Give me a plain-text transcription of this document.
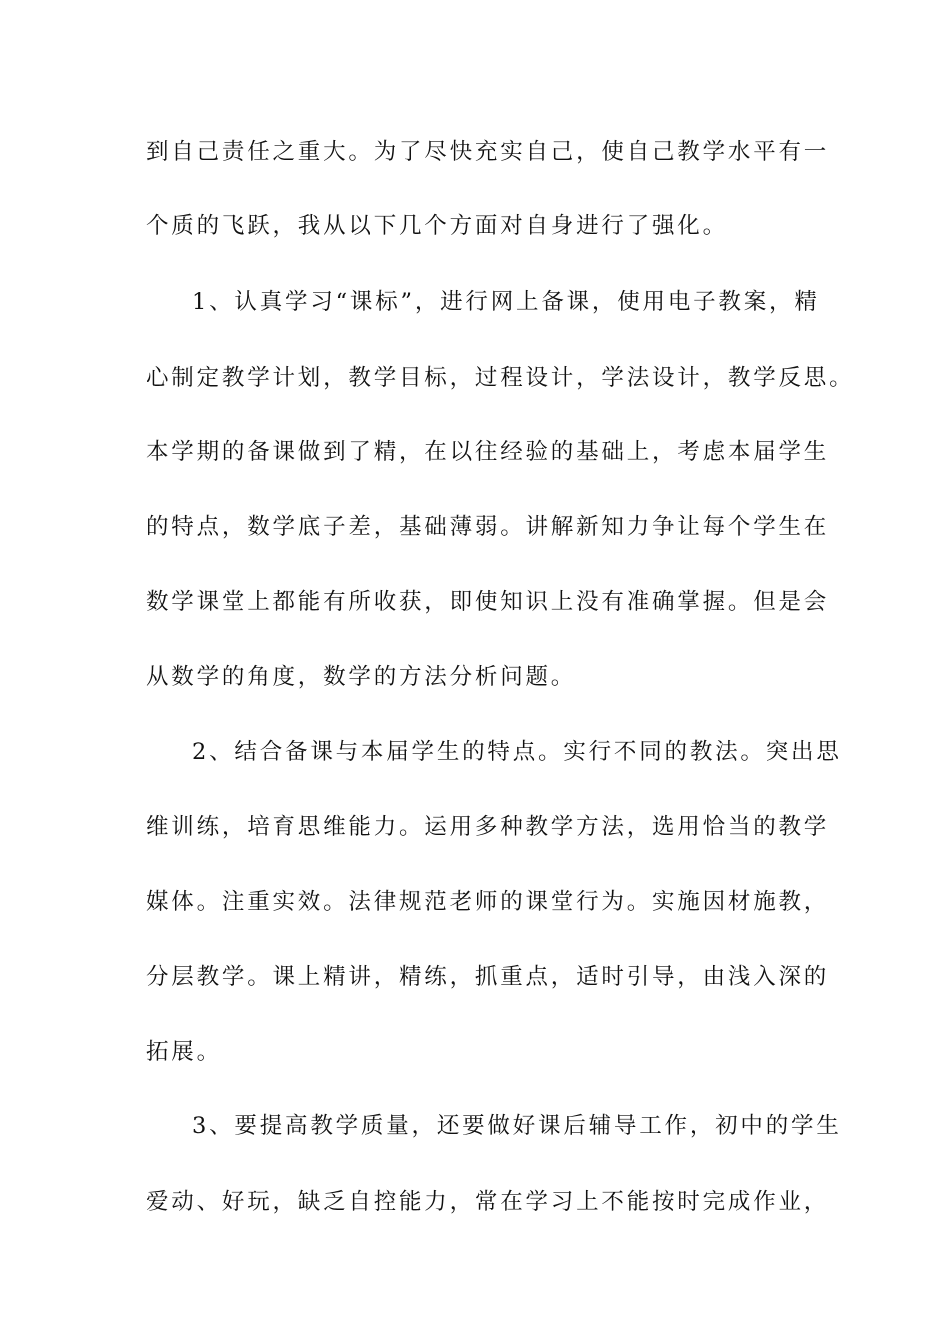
到自己责任之重大。为了尽快充实自己，使自己教学水平有一
个质的飞跃，我从以下几个方面对自身进行了强化。
1、认真学习“课标”，进行网上备课，使用电子教案，精
心制定教学计划，教学目标，过程设计，学法设计，教学反思。
本学期的备课做到了精，在以往经验的基础上，考虑本届学生
的特点，数学底子差，基础薄弱。讲解新知力争让每个学生在
数学课堂上都能有所收获，即使知识上没有准确掌握。但是会
从数学的角度，数学的方法分析问题。
2、结合备课与本届学生的特点。实行不同的教法。突出思
维训练，培育思维能力。运用多种教学方法，选用恰当的教学
媒体。注重实效。法律规范老师的课堂行为。实施因材施教，
分层教学。课上精讲，精练，抓重点，适时引导，由浅入深的
拓展。
3、要提高教学质量，还要做好课后辅导工作，初中的学生
爱动、好玩，缺乏自控能力，常在学习上不能按时完成作业，
